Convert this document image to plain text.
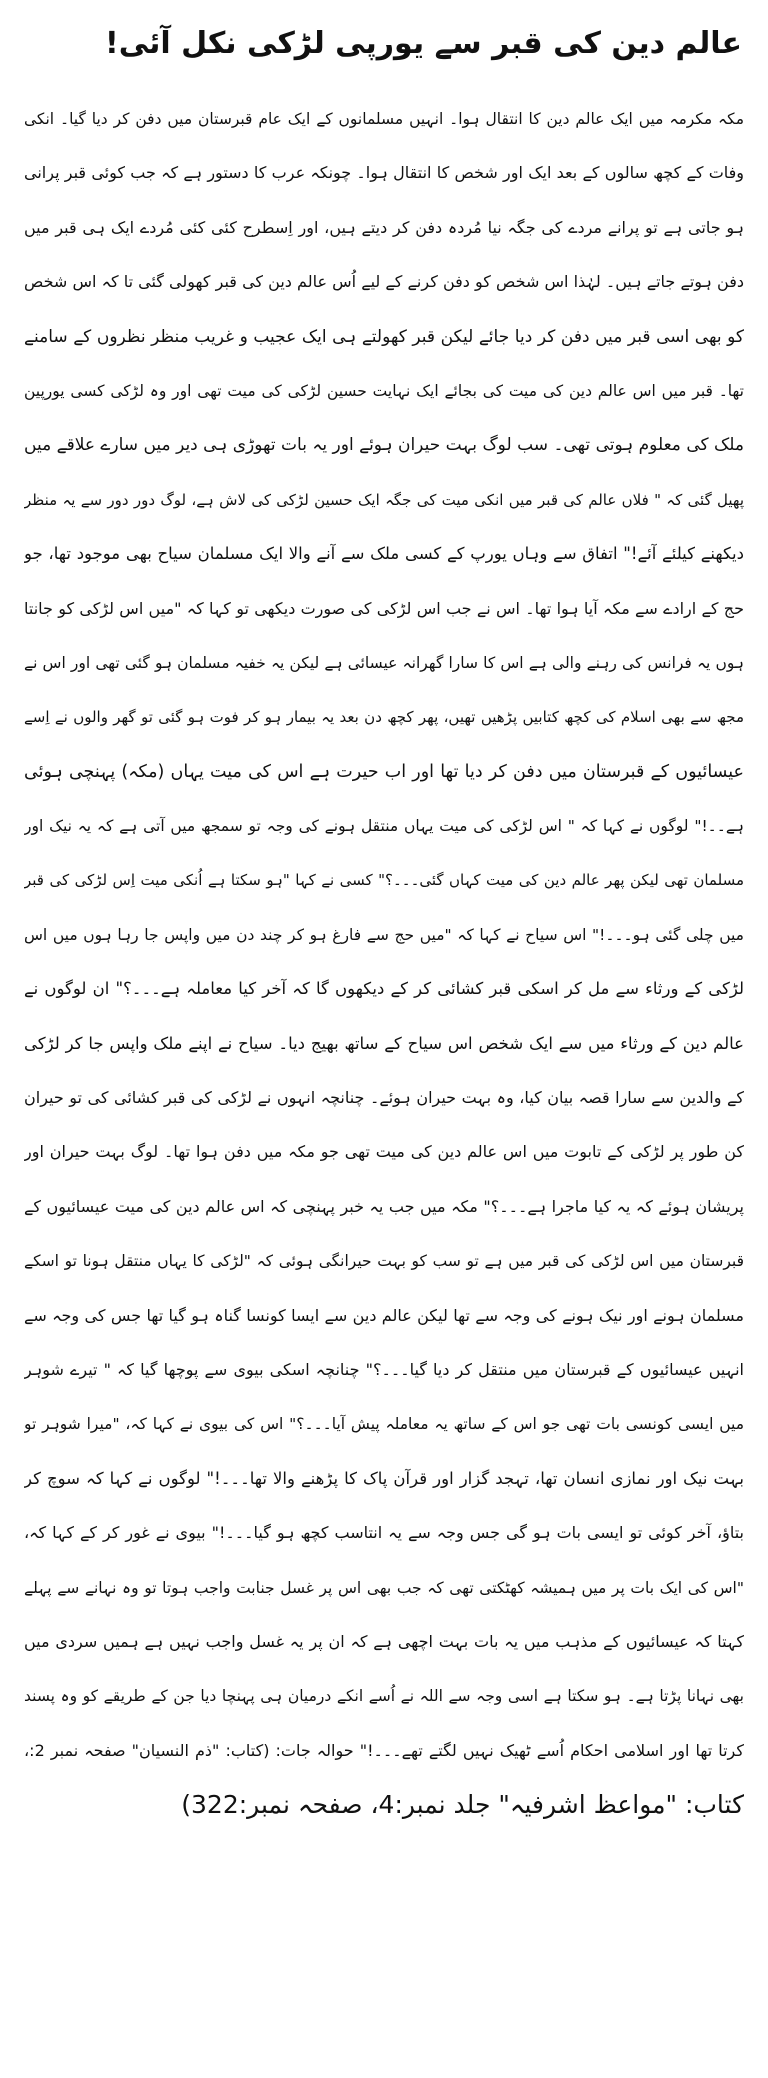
عالم دین کی قبر سے یورپی لڑکی نکل آئی!
مکہ مکرمہ میں ایک عالم دین کا انتقال ہوا۔ انہیں مسلمانوں کے ایک عام قبرستان میں دفن کر دیا گیا۔ انکی
وفات کے کچھ سالوں کے بعد ایک اور شخص کا انتقال ہوا۔ چونکہ عرب کا دستور ہے کہ جب کوئی قبر پرانی
ہو جاتی ہے تو پرانے مردے کی جگہ نیا مُردہ دفن کر دیتے ہیں، اور اِسطرح کئی کئی مُردے ایک ہی قبر میں
دفن ہوتے جاتے ہیں۔ لہٰذا اس شخص کو دفن کرنے کے لیے اُس عالم دین کی قبر کھولی گئی تا کہ اس شخص
کو بھی اسی قبر میں دفن کر دیا جائے لیکن قبر کھولتے ہی ایک عجیب و غریب منظر نظروں کے سامنے
تھا۔ قبر میں اس عالم دین کی میت کی بجائے ایک نہایت حسین لڑکی کی میت تھی اور وہ لڑکی کسی یورپین
ملک کی معلوم ہوتی تھی۔ سب لوگ بہت حیران ہوئے اور یہ بات تھوڑی ہی دیر میں سارے علاقے میں
پھیل گئی کہ " فلاں عالم کی قبر میں انکی میت کی جگہ ایک حسین لڑکی کی لاش ہے، لوگ دور دور سے یہ منظر
دیکھنے کیلئے آئے!" اتفاق سے وہاں یورپ کے کسی ملک سے آنے والا ایک مسلمان سیاح بھی موجود تھا، جو
حج کے ارادے سے مکہ آیا ہوا تھا۔ اس نے جب اس لڑکی کی صورت دیکھی تو کہا کہ "میں اس لڑکی کو جانتا
ہوں یہ فرانس کی رہنے والی ہے اس کا سارا گھرانہ عیسائی ہے لیکن یہ خفیہ مسلمان ہو گئی تھی اور اس نے
مجھ سے بھی اسلام کی کچھ کتابیں پڑھیں تھیں، پھر کچھ دن بعد یہ بیمار ہو کر فوت ہو گئی تو گھر والوں نے اِسے
عیسائیوں کے قبرستان میں دفن کر دیا تھا اور اب حیرت ہے اس کی میت یہاں (مکہ) پہنچی ہوئی
ہے۔۔!" لوگوں نے کہا کہ " اس لڑکی کی میت یہاں منتقل ہونے کی وجہ تو سمجھ میں آتی ہے کہ یہ نیک اور
مسلمان تھی لیکن پھر عالم دین کی میت کہاں گئی۔۔۔؟" کسی نے کہا "ہو سکتا ہے اُنکی میت اِس لڑکی کی قبر
میں چلی گئی ہو۔۔۔!" اس سیاح نے کہا کہ "میں حج سے فارغ ہو کر چند دن میں واپس جا رہا ہوں میں اس
لڑکی کے ورثاء سے مل کر اسکی قبر کشائی کر کے دیکھوں گا کہ آخر کیا معاملہ ہے۔۔۔؟" ان لوگوں نے
عالم دین کے ورثاء میں سے ایک شخص اس سیاح کے ساتھ بھیج دیا۔ سیاح نے اپنے ملک واپس جا کر لڑکی
کے والدین سے سارا قصہ بیان کیا، وہ بہت حیران ہوئے۔ چنانچہ انہوں نے لڑکی کی قبر کشائی کی تو حیران
کن طور پر لڑکی کے تابوت میں اس عالم دین کی میت تھی جو مکہ میں دفن ہوا تھا۔ لوگ بہت حیران اور
پریشان ہوئے کہ یہ کیا ماجرا ہے۔۔۔؟" مکہ میں جب یہ خبر پہنچی کہ اس عالم دین کی میت عیسائیوں کے
قبرستان میں اس لڑکی کی قبر میں ہے تو سب کو بہت حیرانگی ہوئی کہ "لڑکی کا یہاں منتقل ہونا تو اسکے
مسلمان ہونے اور نیک ہونے کی وجہ سے تھا لیکن عالم دین سے ایسا کونسا گناہ ہو گیا تھا جس کی وجہ سے
انہیں عیسائیوں کے قبرستان میں منتقل کر دیا گیا۔۔۔؟" چنانچہ اسکی بیوی سے پوچھا گیا کہ " تیرے شوہر
میں ایسی کونسی بات تھی جو اس کے ساتھ یہ معاملہ پیش آیا۔۔۔؟" اس کی بیوی نے کہا کہ، "میرا شوہر تو
بہت نیک اور نمازی انسان تھا، تہجد گزار اور قرآن پاک کا پڑھنے والا تھا۔۔۔!" لوگوں نے کہا کہ سوچ کر
بتاؤ، آخر کوئی تو ایسی بات ہو گی جس وجہ سے یہ انتاسب کچھ ہو گیا۔۔۔!" بیوی نے غور کر کے کہا کہ،
"اس کی ایک بات پر میں ہمیشہ کھٹکتی تھی کہ جب بھی اس پر غسل جنابت واجب ہوتا تو وہ نہانے سے پہلے
کہتا کہ عیسائیوں کے مذہب میں یہ بات بہت اچھی ہے کہ ان پر یہ غسل واجب نہیں ہے ہمیں سردی میں
بھی نہانا پڑتا ہے۔ ہو سکتا ہے اسی وجہ سے اللہ نے اُسے انکے درمیان ہی پہنچا دیا جن کے طریقے کو وہ پسند
کرتا تھا اور اسلامی احکام اُسے ٹھیک نہیں لگتے تھے۔۔۔!" حوالہ جات: (کتاب: "ذم النسیان" صفحہ نمبر 2:،
کتاب: "مواعظ اشرفیہ" جلد نمبر:4، صفحہ نمبر:322)
